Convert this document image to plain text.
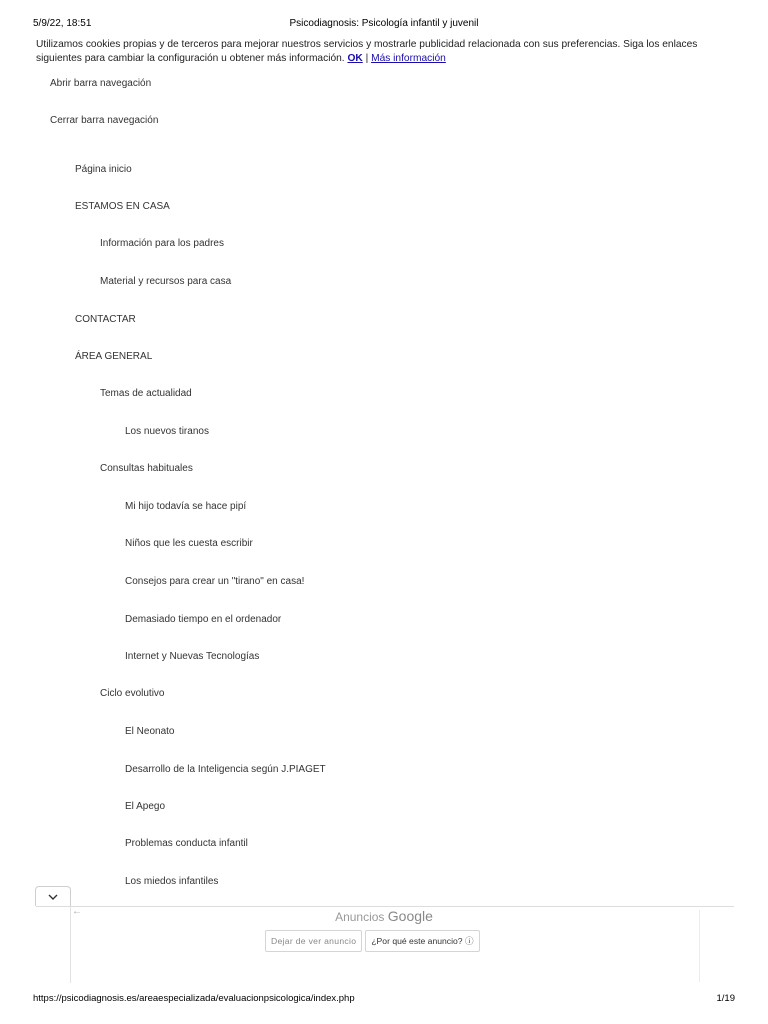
5/9/22, 18:51	Psicodiagnosis: Psicología infantil y juvenil
Utilizamos cookies propias y de terceros para mejorar nuestros servicios y mostrarle publicidad relacionada con sus preferencias. Siga los enlaces siguientes para cambiar la configuración u obtener más información. OK | Más información
Abrir barra navegación
Cerrar barra navegación
Página inicio
ESTAMOS EN CASA
Información para los padres
Material y recursos para casa
CONTACTAR
ÁREA GENERAL
Temas de actualidad
Los nuevos tiranos
Consultas habituales
Mi hijo todavía se hace pipí
Niños que les cuesta escribir
Consejos para crear un "tirano" en casa!
Demasiado tiempo en el ordenador
Internet y Nuevas Tecnologías
Ciclo evolutivo
El Neonato
Desarrollo de la Inteligencia según J.PIAGET
El Apego
Problemas conducta infantil
Los miedos infantiles
←	Anuncios Google
Dejar de ver anuncio	¿Por qué este anuncio? ⓘ
https://psicodiagnosis.es/areaespecializada/evaluacionpsicologica/index.php	1/19
